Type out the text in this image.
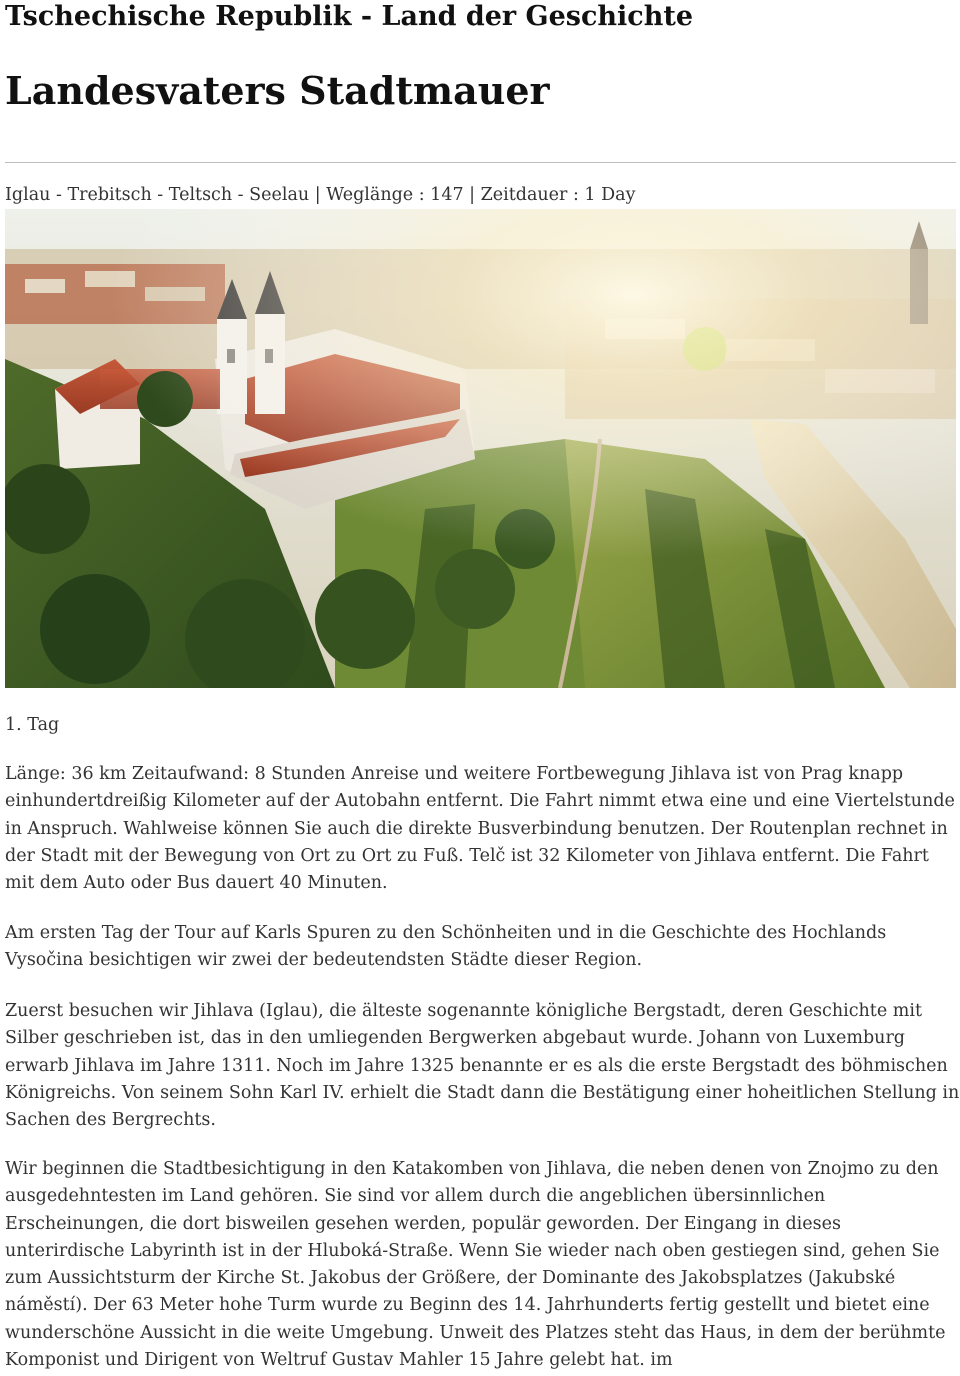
Tschechische Republik - Land der Geschichte
Landesvaters Stadtmauer
Iglau - Trebitsch - Teltsch - Seelau | Weglänge : 147 | Zeitdauer : 1 Day
1. Tag

Länge: 36 km Zeitaufwand: 8 Stunden Anreise und weitere Fortbewegung Jihlava ist von Prag knapp einhundertdreißig Kilometer auf der Autobahn entfernt. Die Fahrt nimmt etwa eine und eine Viertelstunde in Anspruch. Wahlweise können Sie auch die direkte Busverbindung benutzen. Der Routenplan rechnet in der Stadt mit der Bewegung von Ort zu Ort zu Fuß. Telč ist 32 Kilometer von Jihlava entfernt. Die Fahrt mit dem Auto oder Bus dauert 40 Minuten.

Am ersten Tag der Tour auf Karls Spuren zu den Schönheiten und in die Geschichte des Hochlands Vysočina besichtigen wir zwei der bedeutendsten Städte dieser Region.

Zuerst besuchen wir Jihlava (Iglau), die älteste sogenannte königliche Bergstadt, deren Geschichte mit Silber geschrieben ist, das in den umliegenden Bergwerken abgebaut wurde. Johann von Luxemburg erwarb Jihlava im Jahre 1311. Noch im Jahre 1325 benannte er es als die erste Bergstadt des böhmischen Königreichs. Von seinem Sohn Karl IV. erhielt die Stadt dann die Bestätigung einer hoheitlichen Stellung in Sachen des Bergrechts.

Wir beginnen die Stadtbesichtigung in den Katakomben von Jihlava, die neben denen von Znojmo zu den ausgedehntesten im Land gehören. Sie sind vor allem durch die angeblichen übersinnlichen Erscheinungen, die dort bisweilen gesehen werden, populär geworden. Der Eingang in dieses unterirdische Labyrinth ist in der Hluboká-Straße. Wenn Sie wieder nach oben gestiegen sind, gehen Sie zum Aussichtsturm der Kirche St. Jakobus der Größere, der Dominante des Jakobsplatzes (Jakubské náměstí). Der 63 Meter hohe Turm wurde zu Beginn des 14. Jahrhunderts fertig gestellt und bietet eine wunderschöne Aussicht in die weite Umgebung. Unweit des Platzes steht das Haus, in dem der berühmte Komponist und Dirigent von Weltruf Gustav Mahler 15 Jahre gelebt hat. im
